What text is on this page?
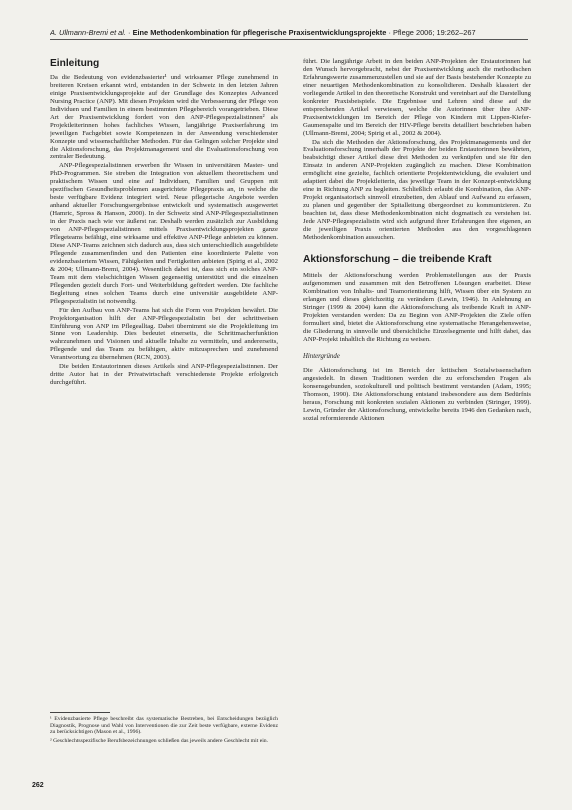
A. Ullmann-Bremi et al. · Eine Methodenkombination für pflegerische Praxisentwicklungsprojekte · Pflege 2006; 19:262–267
Einleitung

Da die Bedeutung von evidenzbasierter¹ und wirksamer Pflege zunehmend in breiteren Kreisen erkannt wird, entstanden in der Schweiz in den letzten Jahren einige Praxisentwicklungsprojekte auf der Grundlage des Konzeptes Advanced Nursing Practice (ANP). Mit diesen Projekten wird die Verbesserung der Pflege von Individuen und Familien in einem bestimmten Pflegebereich vorangetrieben. Diese Art der Praxisentwicklung fordert von den ANP-Pflegespezialistinnen² als Projektleiterinnen hohes fachliches Wissen, langjährige Praxiserfahrung im jeweiligen Fachgebiet sowie Kompetenzen in der Anwendung verschiedenster Konzepte und wissenschaftlicher Methoden. Für das Gelingen solcher Projekte sind die Aktionsforschung, das Projektmanagement und die Evaluationsforschung von zentraler Bedeutung.

ANP-Pflegespezialistinnen erwerben ihr Wissen in universitären Master- und PhD-Programmen. Sie streben die Integration von aktuellem theoretischem und praktischem Wissen und eine auf Individuen, Familien und Gruppen mit spezifischen Gesundheitsproblemen ausgerichtete Pflegepraxis an, in welche die beste verfügbare Evidenz integriert wird. Neue pflegerische Angebote werden anhand aktueller Forschungsergebnisse entwickelt und systematisch ausgewertet (Hamric, Spross & Hanson, 2000). In der Schweiz sind ANP-Pflegespezialistinnen in der Praxis nach wie vor äußerst rar. Deshalb werden zusätzlich zur Ausbildung von ANP-Pflegespezialistinnen mittels Praxisentwicklungsprojekten ganze Pflegeteams befähigt, eine wirksame und effektive ANP-Pflege anbieten zu können. Diese ANP-Teams zeichnen sich dadurch aus, dass sich unterschiedlich ausgebildete Pflegende zusammenfinden und den Patienten eine koordinierte Palette von evidenzbasiertem Wissen, Fähigkeiten und Fertigkeiten anbieten (Spirig et al., 2002 & 2004; Ullmann-Bremi, 2004). Wesentlich dabei ist, dass sich ein solches ANP-Team mit dem vielschichtigen Wissen gegenseitig unterstützt und die einzelnen Pflegenden gezielt durch Fort- und Weiterbildung gefördert werden. Die fachliche Begleitung eines solchen Teams durch eine universitär ausgebildete ANP-Pflegespezialistin ist notwendig.

Für den Aufbau von ANP-Teams hat sich die Form von Projekten bewährt. Die Projektorganisation hilft der ANP-Pflegespezialistin bei der schrittweisen Einführung von ANP im Pflegealltag. Dabei übernimmt sie die Projektleitung im Sinne von Leadership. Dies bedeutet einerseits, die Schrittmacherfunktion wahrzunehmen und Visionen und aktuelle Inhalte zu vermitteln, und andererseits, Pflegende und das Team zu befähigen, aktiv mitzusprechen und zunehmend Verantwortung zu übernehmen (RCN, 2003).

Die beiden Erstautorinnen dieses Artikels sind ANP-Pflegespezialistinnen. Der dritte Autor hat in der Privatwirtschaft verschiedenste Projekte erfolgreich durchgeführt.

¹ Evidenzbasierte Pflege beschreibt das systematische Bestreben, bei Entscheidungen bezüglich Diagnostik, Prognose und Wahl von Interventionen die zur Zeit beste verfügbare, externe Evidenz zu berücksichtigen (Mason et al., 1996).

² Geschlechtsspezifische Berufsbezeichnungen schließen das jeweils andere Geschlecht mit ein.

262

führt. Die langjährige Arbeit in den beiden ANP-Projekten der Erstautorinnen hat den Wunsch hervorgebracht, nebst der Praxisentwicklung auch die methodischen Erfahrungswerte zusammenzustellen und sie auf der Basis bestehender Konzepte zu einer neuartigen Methodenkombination zu konsolidieren. Deshalb klassiert der vorliegende Artikel in den theoretische Konstrukt und vereinbart auf die Darstellung konkreter Praxisbeispiele. Die Ergebnisse und Lehren sind diese auf die entsprechenden Artikel verwiesen, welche die Autorinnen über ihre ANP-Praxisentwicklungen im Bereich der Pflege von Kindern mit Lippen-Kiefer-Gaumenspalte und im Bereich der HIV-Pflege bereits detailliert beschrieben haben (Ullmann-Bremi, 2004; Spirig et al., 2002 & 2004).

Da sich die Methoden der Aktionsforschung, des Projektmanagements und der Evaluationsforschung innerhalb der Projekte der beiden Erstautorinnen bewährten, beabsichtigt dieser Artikel diese drei Methoden zu verknüpfen und sie für den Einsatz in anderen ANP-Projekten zugänglich zu machen. Diese Kombination ermöglicht eine gezielte, fachlich orientierte Projektentwicklung, die evaluiert und adaptiert dabei die Projektleiterin, das jeweilige Team in der Konzept-entwicklung eine in Richtung ANP zu begleiten. Schließlich erlaubt die Kombination, das ANP-Projekt organisatorisch sinnvoll einzubetten, den Ablauf und Aufwand zu erfassen, zu planen und gegenüber der Spitalleitung übergeordnet zu kommunizieren. Zu beachten ist, dass diese Methodenkombination nicht dogmatisch zu verstehen ist. Jede ANP-Pflegespezialistin wird sich aufgrund ihrer Erfahrungen ihre eigenen, an die jeweiligen Praxis orientierten Methoden aus den vorgeschlagenen Methodenkombination aussuchen.

Aktionsforschung – die treibende Kraft

Mittels der Aktionsforschung werden Problemstellungen aus der Praxis aufgenommen und zusammen mit den Betroffenen Lösungen erarbeitet. Diese Kombination von Inhalts- und Teamorientierung hilft, Wissen über ein System zu erlangen und dieses gleichzeitig zu verändern (Lewin, 1946). In Anlehnung an Stringer (1999 & 2004) kann die Aktionsforschung als treibende Kraft in ANP-Projekten verstanden werden: Da zu Beginn von ANP-Projekten die Ziele offen formuliert sind, bietet die Aktionsforschung eine systematische Herangehensweise, die Gliederung in sinnvolle und übersichtliche Einzelsegmente und hilft dabei, das ANP-Projekt inhaltlich die Richtung zu weisen.

Hintergründe

Die Aktionsforschung ist im Bereich der kritischen Sozialwissenschaften angesiedelt. In diesen Traditionen werden die zu erforschenden Fragen als konsensgebunden, soziokulturell und politisch bestimmt verstanden (Adam, 1995; Thomson, 1990). Die Aktionsforschung entstand insbesondere aus dem Bedürfnis heraus, Forschung mit konkreten sozialen Aktionen zu verbinden (Stringer, 1999). Lewin, Gründer der Aktionsforschung, entwickelte bereits 1946 den Gedanken nach, sozial reformierende Aktionen
